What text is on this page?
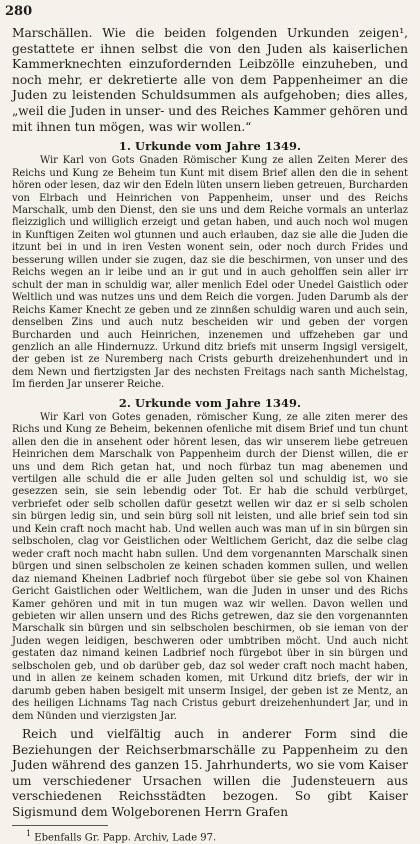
280

Marschällen. Wie die beiden folgenden Urkunden zeigen¹, gestattete er ihnen selbst die von den Juden als kaiserlichen Kammerknechten einzufordernden Leibzölle einzuheben, und noch mehr, er dekretierte alle von dem Pappenheimer an die Juden zu leistenden Schuldsummen als aufgehoben; dies alles, „weil die Juden in unser- und des Reiches Kammer gehören und mit ihnen tun mögen, was wir wollen.“

1. Urkunde vom Jahre 1349.

Wir Karl von Gots Gnaden Römischer Kung ze allen Zeiten Merer des Reichs und Kung ze Beheim tun Kunt mit disem Brief allen den die in sehent hören oder lesen, daz wir den Edeln lüten unsern lieben getreuen, Burcharden von Elrbach und Heinrichen von Pappenheim, unser und des Reichs Marschalk, umb den Dienst, den sie uns und dem Reiche vormals an unterlaz fleizziglich und williglich erzeigt und getan haben, und auch noch wol mugen in Kunftigen Zeiten wol gtunnen und auch erlauben, daz sie alle die Juden die itzunt bei in und in iren Vesten wonent sein, oder noch durch Frides und besserung willen under sie zugen, daz sie die beschirmen, von unser und des Reichs wegen an ir leibe und an ir gut und in auch geholffen sein aller irr schult der man in schuldig war, aller menlich Edel oder Unedel Gaistlich oder Weltlich und was nutzes uns und dem Reich die vorgen. Juden Darumb als der Reichs Kamer Knecht ze geben und ze zinnßen schuldig waren und auch sein, denselben Zins und auch nutz bescheiden wir und geben der vorgen Burcharden und auch Heinrichen, inzenemen und uffzeheben gar und genzlich an alle Hindernuzz. Urkund ditz briefs mit unserm Ingsigl versigelt, der geben ist ze Nuremberg nach Crists geburth dreizehenhundert und in dem Newn und fiertzigsten Jar des nechsten Freitags nach santh Michelstag, Im fierden Jar unserer Reiche.

2. Urkunde vom Jahre 1349.

Wir Karl von Gotes genaden, römischer Kung, ze alle ziten merer des Richs und Kung ze Beheim, bekennen ofenliche mit disem Brief und tun chunt allen den die in ansehent oder hörent lesen, das wir unserem liebe getreuen Heinrichen dem Marschalk von Pappenheim durch der Dienst willen, die er uns und dem Rich getan hat, und noch fürbaz tun mag abenemen und vertilgen alle schuld die er alle Juden gelten sol und schuldig ist, wo sie gesezzen sein, sie sein lebendig oder Tot. Er hab die schuld verbürget, verbriefet oder selb schollen dafür gesetzt wellen wir daz er si selb scholen sin bürgen ledig sin, und sein bürg soll nit leisten, und alle brief sein tod sin und Kein craft noch macht hab. Und wellen auch was man uf in sin bürgen sin selbscholen, clag vor Geistlichen oder Weltlichem Gericht, daz die selbe clag weder craft noch macht habn sullen. Und dem vorgenannten Marschalk sinen bürgen und sinen selbscholen ze keinen schaden kommen sullen, und wellen daz niemand Kheinen Ladbrief noch fürgebot über sie gebe sol von Khainen Gericht Gaistlichen oder Weltlichem, wan die Juden in unser und des Richs Kamer gehören und mit in tun mugen waz wir wellen. Davon wellen und gebieten wir allen unsern und des Richs getrewen, daz sie den vorgenannten Marschalk sin bürgen und sin selbscholen beschirmen, ob sie ieman von der Juden wegen leidigen, beschweren oder umbtriben möcht. Und auch nicht gestaten daz nimand keinen Ladbrief noch fürgebot über in sin bürgen und selbscholen geb, und ob darüber geb, daz sol weder craft noch macht haben, und in allen ze keinem schaden komen, mit Urkund ditz briefs, der wir in darumb geben haben besigelt mit unserm Insigel, der geben ist ze Mentz, an des heiligen Lichnams Tag nach Cristus geburt dreizehenhundert Jar, und in dem Nünden und vierzigsten Jar.

Reich und vielfältig auch in anderer Form sind die Beziehungen der Reichserbmarschälle zu Pappenheim zu den Juden während des ganzen 15. Jahrhunderts, wo sie vom Kaiser um verschiedener Ursachen willen die Judensteuern aus verschiedenen Reichsstädten bezogen. So gibt Kaiser Sigismund dem Wolgeborenen Herrn Grafen

$^1$ Ebenfalls Gr. Papp. Archiv, Lade 97.
